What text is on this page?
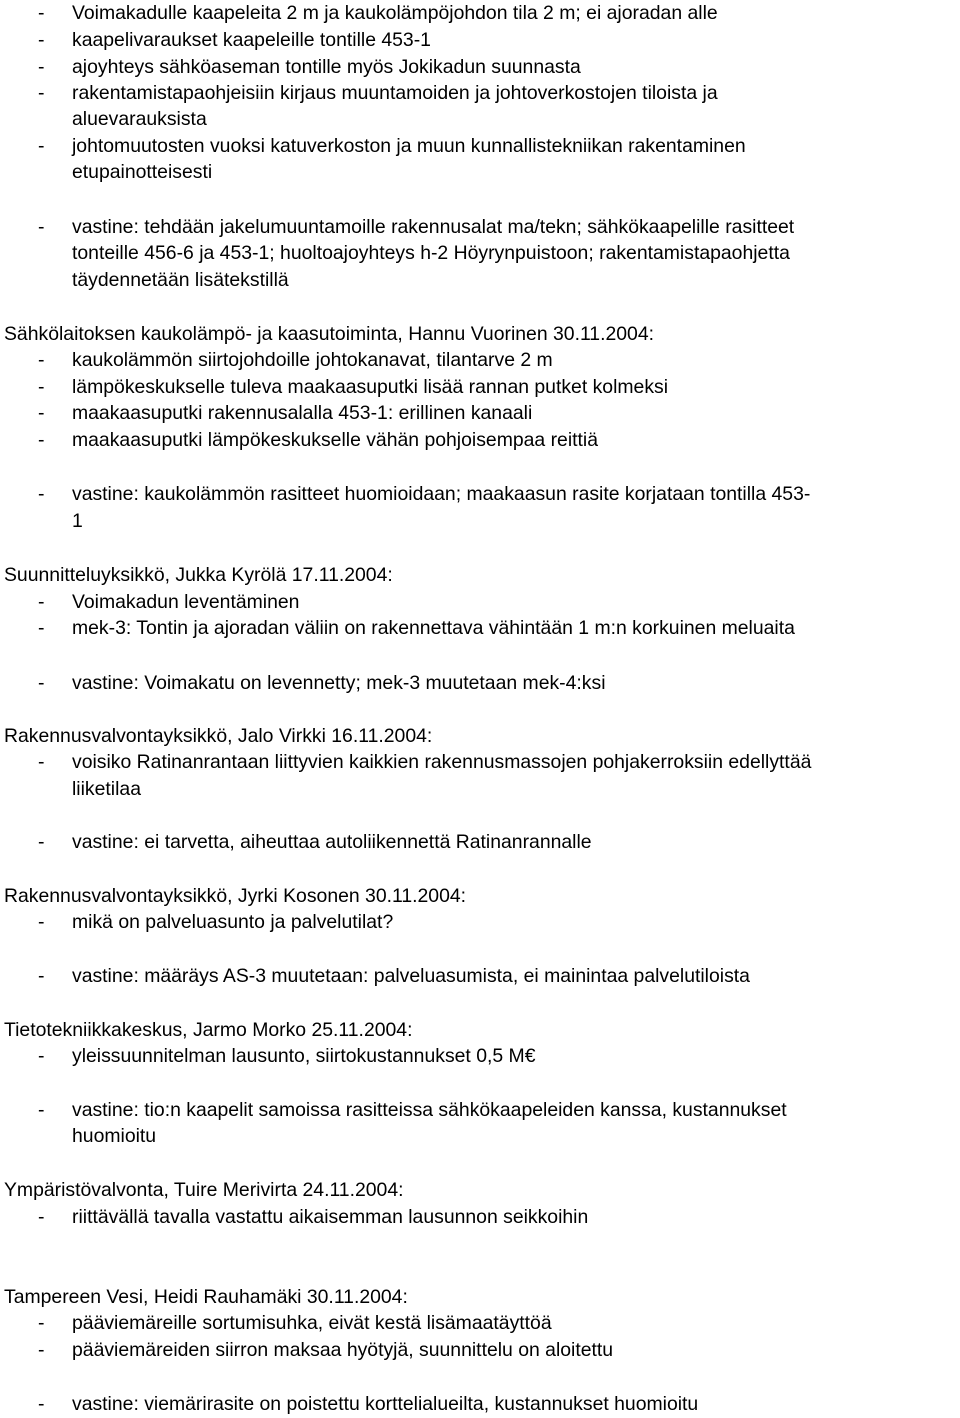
- Voimakadulle kaapeleita 2 m ja kaukolämpöjohdon tila 2 m; ei ajoradan alle
- kaapelivaraukset kaapeleille tontille 453-1
- ajoyhteys sähköaseman tontille myös Jokikadun suunnasta
- rakentamistapaohjeisiin kirjaus muuntamoiden ja johtoverkostojen tiloista ja
aluevarauksista
- johtomuutosten vuoksi katuverkoston ja muun kunnallistekniikan rakentaminen
etupainotteisesti
- vastine: tehdään jakelumuuntamoille rakennusalat ma/tekn; sähkökaapelille rasitteet
tonteille 456-6 ja 453-1; huoltoajoyhteys h-2 Höyrynpuistoon; rakentamistapaohjetta
täydennetään lisätekstillä
Sähkölaitoksen kaukolämpö- ja kaasutoiminta, Hannu Vuorinen 30.11.2004:
- kaukolämmön siirtojohdoille johtokanavat, tilantarve 2 m
- lämpökeskukselle tuleva maakaasuputki lisää rannan putket kolmeksi
- maakaasuputki rakennusalalla 453-1: erillinen kanaali
- maakaasuputki lämpökeskukselle vähän pohjoisempaa reittiä
- vastine: kaukolämmön rasitteet huomioidaan; maakaasun rasite korjataan tontilla 453-
1
Suunnitteluyksikkö, Jukka Kyrölä 17.11.2004:
- Voimakadun leventäminen
- mek-3: Tontin ja ajoradan väliin on rakennettava vähintään 1 m:n korkuinen meluaita
- vastine: Voimakatu on levennetty; mek-3 muutetaan mek-4:ksi
Rakennusvalvontayksikkö, Jalo Virkki 16.11.2004:
- voisiko Ratinanrantaan liittyvien kaikkien rakennusmassojen pohjakerroksiin edellyttää
liiketilaa
- vastine: ei tarvetta, aiheuttaa autoliikennettä Ratinanrannalle
Rakennusvalvontayksikkö, Jyrki Kosonen 30.11.2004:
- mikä on palveluasunto ja palvelutilat?
- vastine: määräys AS-3 muutetaan: palveluasumista, ei mainintaa palvelutiloista
Tietotekniikkakeskus, Jarmo Morko 25.11.2004:
- yleissuunnitelman lausunto, siirtokustannukset 0,5 M€
- vastine: tio:n kaapelit samoissa rasitteissa sähkökaapeleiden kanssa, kustannukset
huomioitu
Ympäristövalvonta, Tuire Merivirta 24.11.2004:
- riittävällä tavalla vastattu aikaisemman lausunnon seikkoihin
Tampereen Vesi, Heidi Rauhamäki 30.11.2004:
- pääviemäreille sortumisuhka, eivät kestä lisämaatäyttöä
- pääviemäreiden siirron maksaa hyötyjä, suunnittelu on aloitettu
- vastine: viemärirasite on poistettu korttelialueilta, kustannukset huomioitu
